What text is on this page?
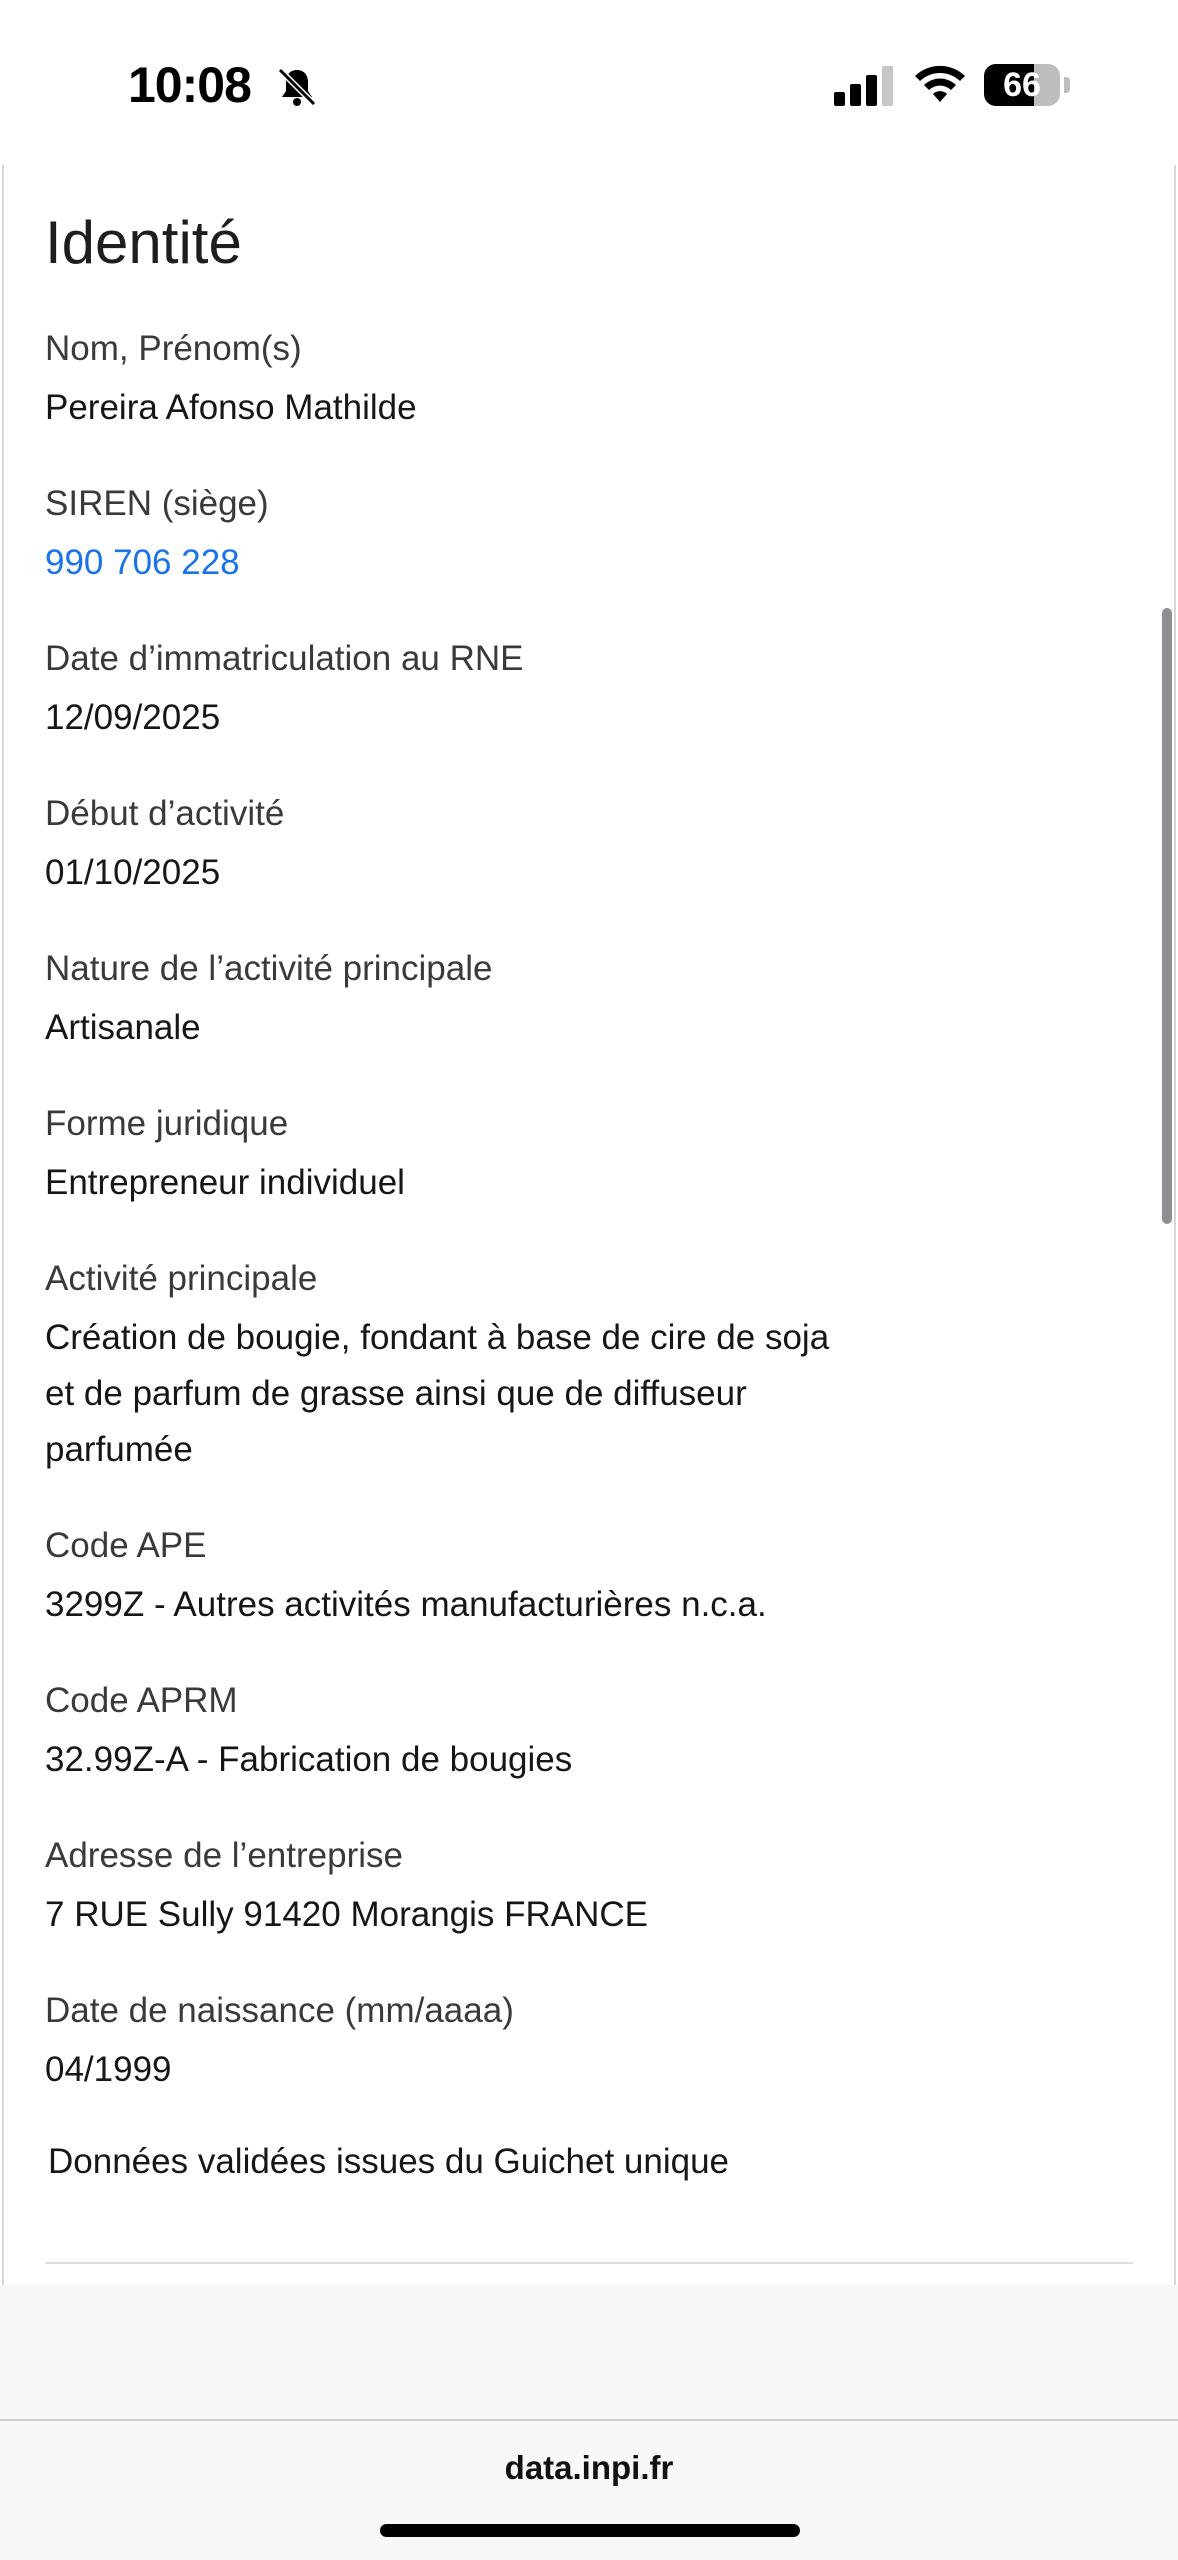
10:08	66
Identité
Nom, Prénom(s)
Pereira Afonso Mathilde
SIREN (siège)
990 706 228
Date d’immatriculation au RNE
12/09/2025
Début d’activité
01/10/2025
Nature de l’activité principale
Artisanale
Forme juridique
Entrepreneur individuel
Activité principale
Création de bougie, fondant à base de cire de soja et de parfum de grasse ainsi que de diffuseur parfumée
Code APE
3299Z - Autres activités manufacturières n.c.a.
Code APRM
32.99Z-A - Fabrication de bougies
Adresse de l’entreprise
7 RUE Sully 91420 Morangis FRANCE
Date de naissance (mm/aaaa)
04/1999
Données validées issues du Guichet unique
data.inpi.fr
